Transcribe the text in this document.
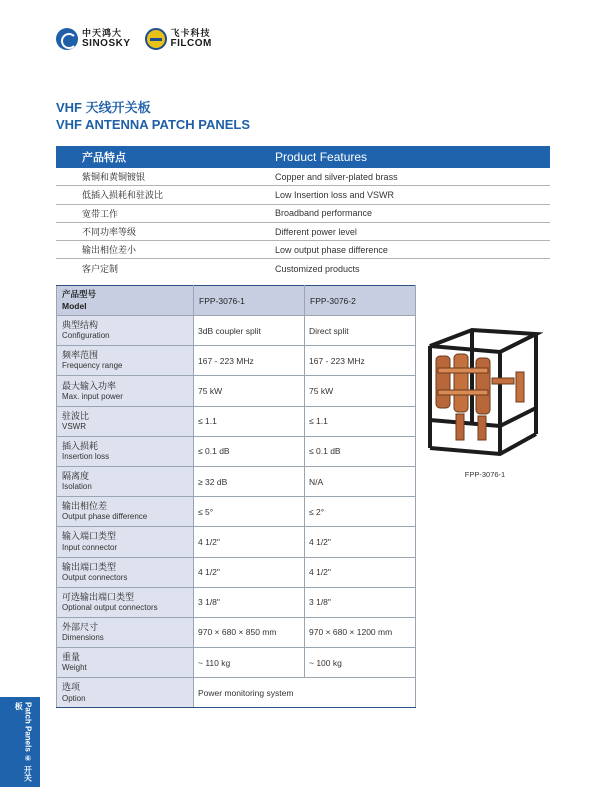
中天鸿大
SINOSKY
飞卡科技
FILCOM
VHF 天线开关板
VHF ANTENNA PATCH PANELS
产品特点	Product Features
紫铜和黄铜镀银	Copper and silver-plated brass
低插入损耗和驻波比	Low Insertion loss and VSWR
宽带工作	Broadband performance
不同功率等级	Different power level
输出相位差小	Low output phase difference
客户定制	Customized products
产品型号
Model	FPP-3076-1	FPP-3076-2

典型结构
Configuration	3dB coupler split	Direct split

频率范围
Frequency range	167 - 223 MHz	167 - 223 MHz

最大输入功率
Max. input power	75 kW	75 kW

驻波比
VSWR	≤ 1.1	≤ 1.1

插入损耗
Insertion loss	≤ 0.1 dB	≤ 0.1 dB

隔离度
Isolation	≥ 32 dB	N/A

输出相位差
Output phase difference	≤ 5°	≤ 2°

输入端口类型
Input connector	4 1/2"	4 1/2"

输出端口类型
Output connectors	4 1/2"	4 1/2"

可选输出端口类型
Optional output connectors	3 1/8"	3 1/8"

外部尺寸
Dimensions	970 × 680 × 850 mm	970 × 680 × 1200 mm

重量
Weight	~ 110 kg	~ 100 kg

选项
Option	Power monitoring system	
FPP-3076-1
Patch Panels ⑥ 开关板
